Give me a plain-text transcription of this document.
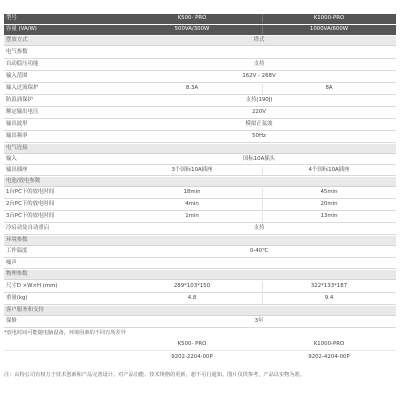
型号	K500- PRO	K1000-PRO
容量 (VA/W)	500VA/300W	1000VA/600W
摆放方式	塔式
电气参数
自动稳压功能	支持
输入范围	162V - 268V
输入过流保护	8.3A	8A
防浪涌保护	支持(190J)
额定输出电压	220V
输出波形	模拟正弦波
输出频率	50Hz
电气连接
输入	国标10A插头
输出插座	3个国标10A插座	4个国标10A插座
电池/放电参数
1台PC下的放电时间	18min	45min
2台PC下的放电时间	4min	20min
3台PC下的放电时间	1min	13min
冷启动及自动重启	支持
环境参数
工作温度	0-40℃
噪声
物理参数
尺寸D ×W×H (mm)	289*103*150	322*133*187
重量(kg)	4.8	9.4
客户服务和支持
保修	3年
*放电时间可能随电脑设备，环境因素的不同有所差异
K500- PRO	K1000-PRO
9202-2204-00P	9202-4204-00P
注：山特公司有权力于技术创新和产品完善设计。对产品功能、技术规格的更新，恕不另行通知。图片仅供参考，产品以实物为准。
